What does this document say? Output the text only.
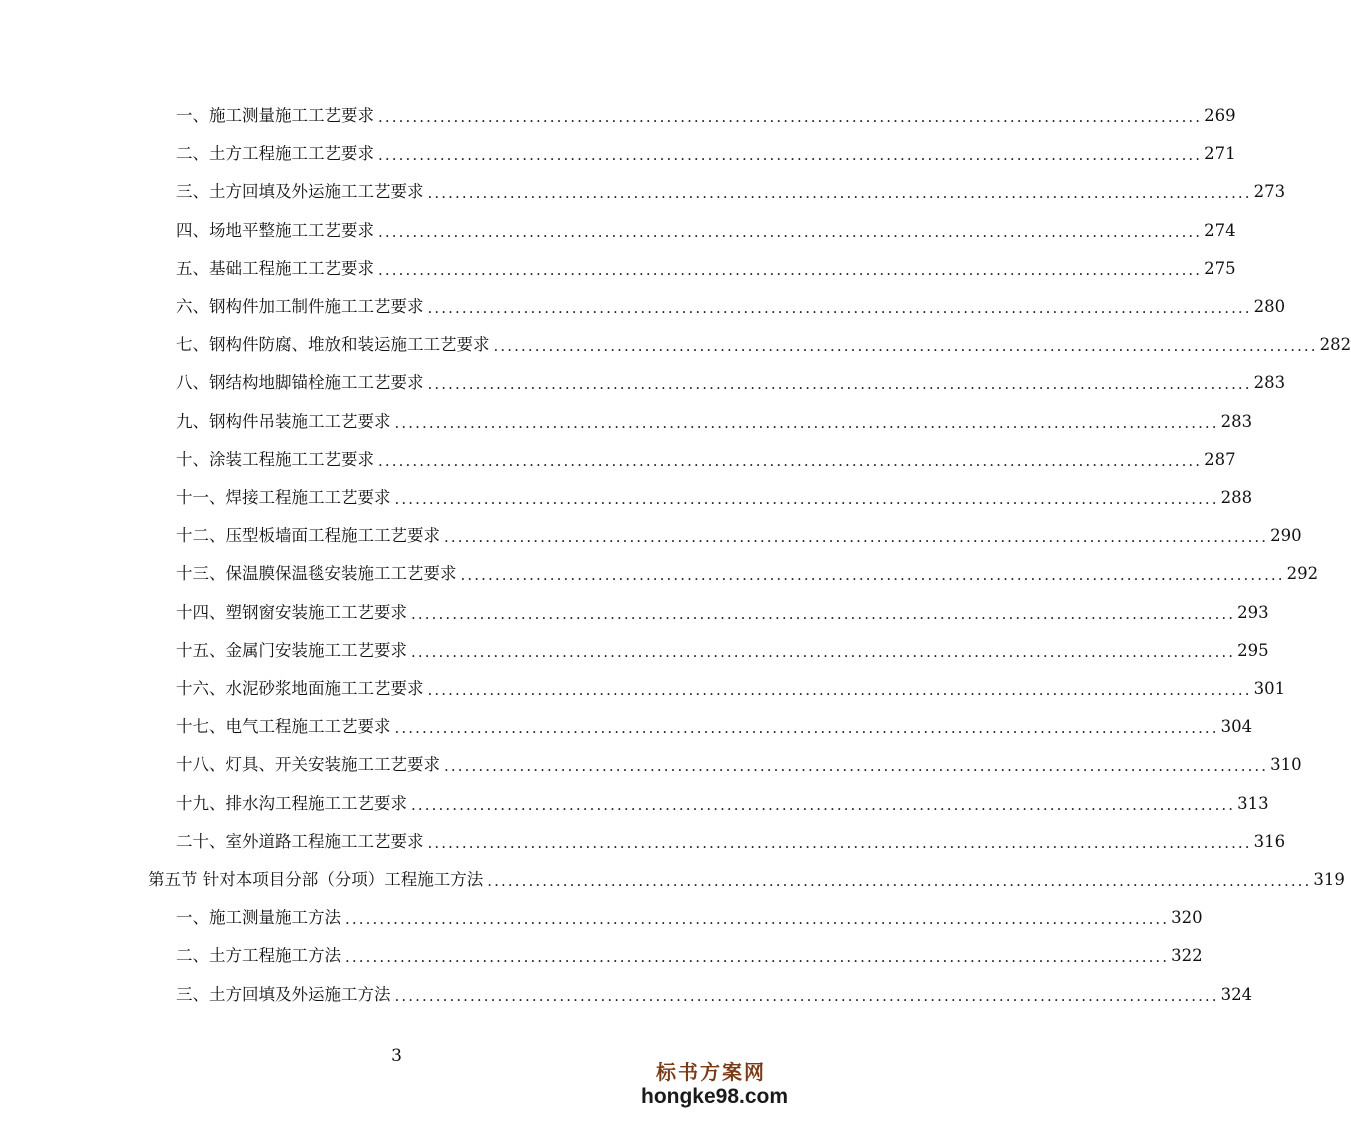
一、施工测量施工工艺要求 ........................................................................................................................ 269
二、土方工程施工工艺要求 ........................................................................................................................ 271
三、土方回填及外运施工工艺要求 ........................................................................................................................ 273
四、场地平整施工工艺要求 ........................................................................................................................ 274
五、基础工程施工工艺要求 ........................................................................................................................ 275
六、钢构件加工制件施工工艺要求 ........................................................................................................................ 280
七、钢构件防腐、堆放和装运施工工艺要求 ........................................................................................................................ 282
八、钢结构地脚锚栓施工工艺要求 ........................................................................................................................ 283
九、钢构件吊装施工工艺要求 ........................................................................................................................ 283
十、涂装工程施工工艺要求 ........................................................................................................................ 287
十一、焊接工程施工工艺要求 ........................................................................................................................ 288
十二、压型板墙面工程施工工艺要求 ........................................................................................................................ 290
十三、保温膜保温毯安装施工工艺要求 ........................................................................................................................ 292
十四、塑钢窗安装施工工艺要求 ........................................................................................................................ 293
十五、金属门安装施工工艺要求 ........................................................................................................................ 295
十六、水泥砂浆地面施工工艺要求 ........................................................................................................................ 301
十七、电气工程施工工艺要求 ........................................................................................................................ 304
十八、灯具、开关安装施工工艺要求 ........................................................................................................................ 310
十九、排水沟工程施工工艺要求 ........................................................................................................................ 313
二十、室外道路工程施工工艺要求 ........................................................................................................................ 316
第五节 针对本项目分部（分项）工程施工方法 ........................................................................................................................ 319
一、施工测量施工方法 ........................................................................................................................ 320
二、土方工程施工方法 ........................................................................................................................ 322
三、土方回填及外运施工方法 ........................................................................................................................ 324
3
标书方案网
hongke98.com
